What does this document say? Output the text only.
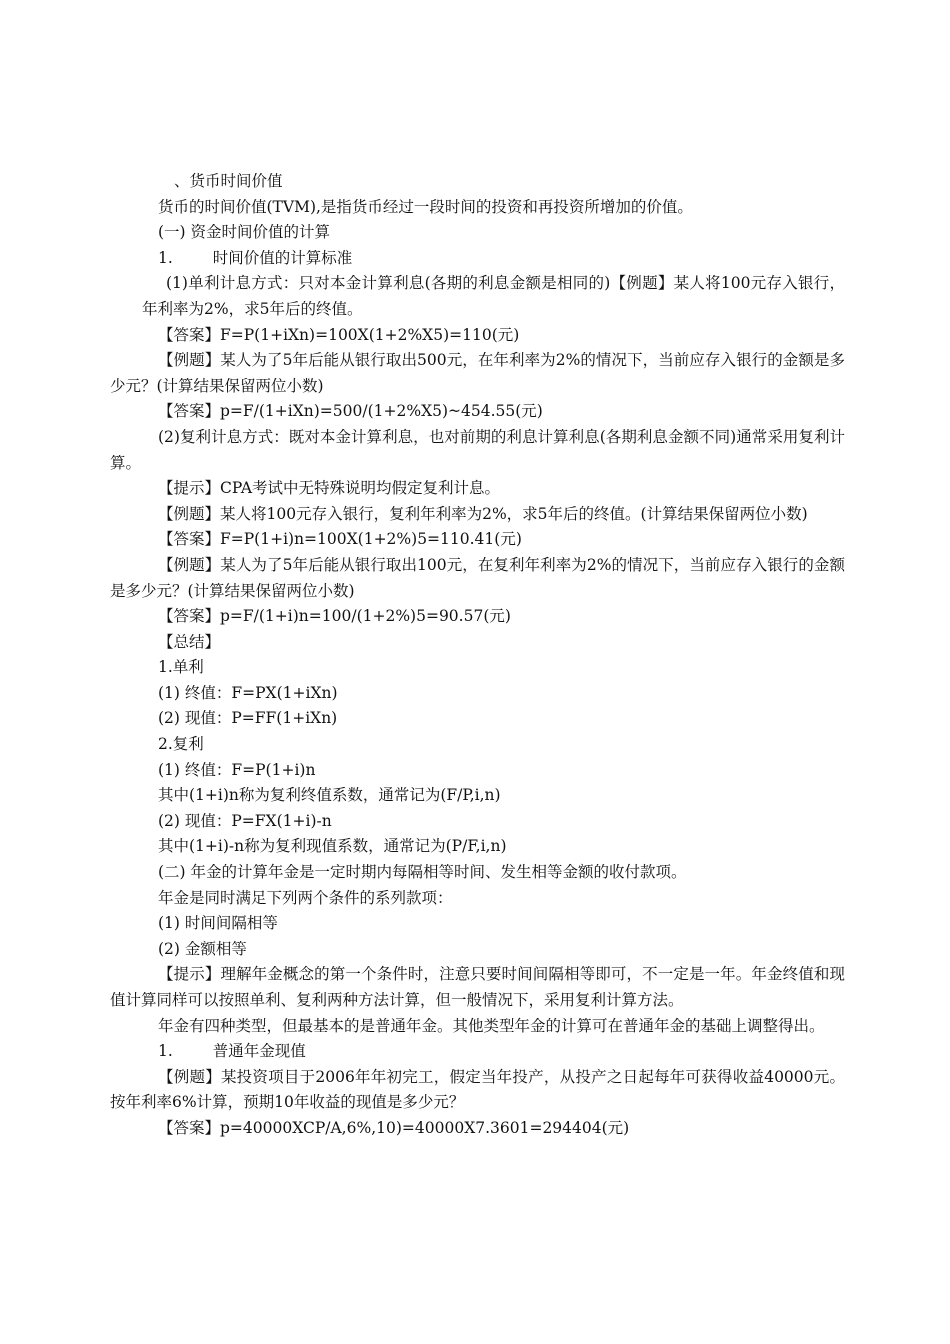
、货币时间价值

货币的时间价值(TVM),是指货币经过一段时间的投资和再投资所增加的价值。

(一) 资金时间价值的计算

1.	时间价值的计算标准

(1)单利计息方式：只对本金计算利息(各期的利息金额是相同的)【例题】某人将100元存入银行，年利率为2%，求5年后的终值。

【答案】F=P(1+iXn)=100X(1+2%X5)=110(元)

【例题】某人为了5年后能从银行取出500元，在年利率为2%的情况下，当前应存入银行的金额是多少元？(计算结果保留两位小数)

【答案】p=F/(1+iXn)=500/(1+2%X5)~454.55(元)

(2)复利计息方式：既对本金计算利息，也对前期的利息计算利息(各期利息金额不同)通常采用复利计算。

【提示】CPA考试中无特殊说明均假定复利计息。

【例题】某人将100元存入银行，复利年利率为2%，求5年后的终值。(计算结果保留两位小数)

【答案】F=P(1+i)n=100X(1+2%)5=110.41(元)

【例题】某人为了5年后能从银行取出100元，在复利年利率为2%的情况下，当前应存入银行的金额是多少元？(计算结果保留两位小数)

【答案】p=F/(1+i)n=100/(1+2%)5=90.57(元)

【总结】

1.单利

(1) 终值：F=PX(1+iXn)

(2) 现值：P=FF(1+iXn)

2.复利

(1) 终值：F=P(1+i)n

其中(1+i)n称为复利终值系数，通常记为(F/P,i,n)

(2) 现值：P=FX(1+i)-n

其中(1+i)-n称为复利现值系数，通常记为(P/F,i,n)

(二) 年金的计算年金是一定时期内每隔相等时间、发生相等金额的收付款项。

年金是同时满足下列两个条件的系列款项：

(1) 时间间隔相等

(2) 金额相等

【提示】理解年金概念的第一个条件时，注意只要时间间隔相等即可，不一定是一年。年金终值和现值计算同样可以按照单利、复利两种方法计算，但一般情况下，采用复利计算方法。

年金有四种类型，但最基本的是普通年金。其他类型年金的计算可在普通年金的基础上调整得出。

1.	普通年金现值

【例题】某投资项目于2006年年初完工，假定当年投产，从投产之日起每年可获得收益40000元。按年利率6%计算，预期10年收益的现值是多少元？

【答案】p=40000XCP/A,6%,10)=40000X7.3601=294404(元)
